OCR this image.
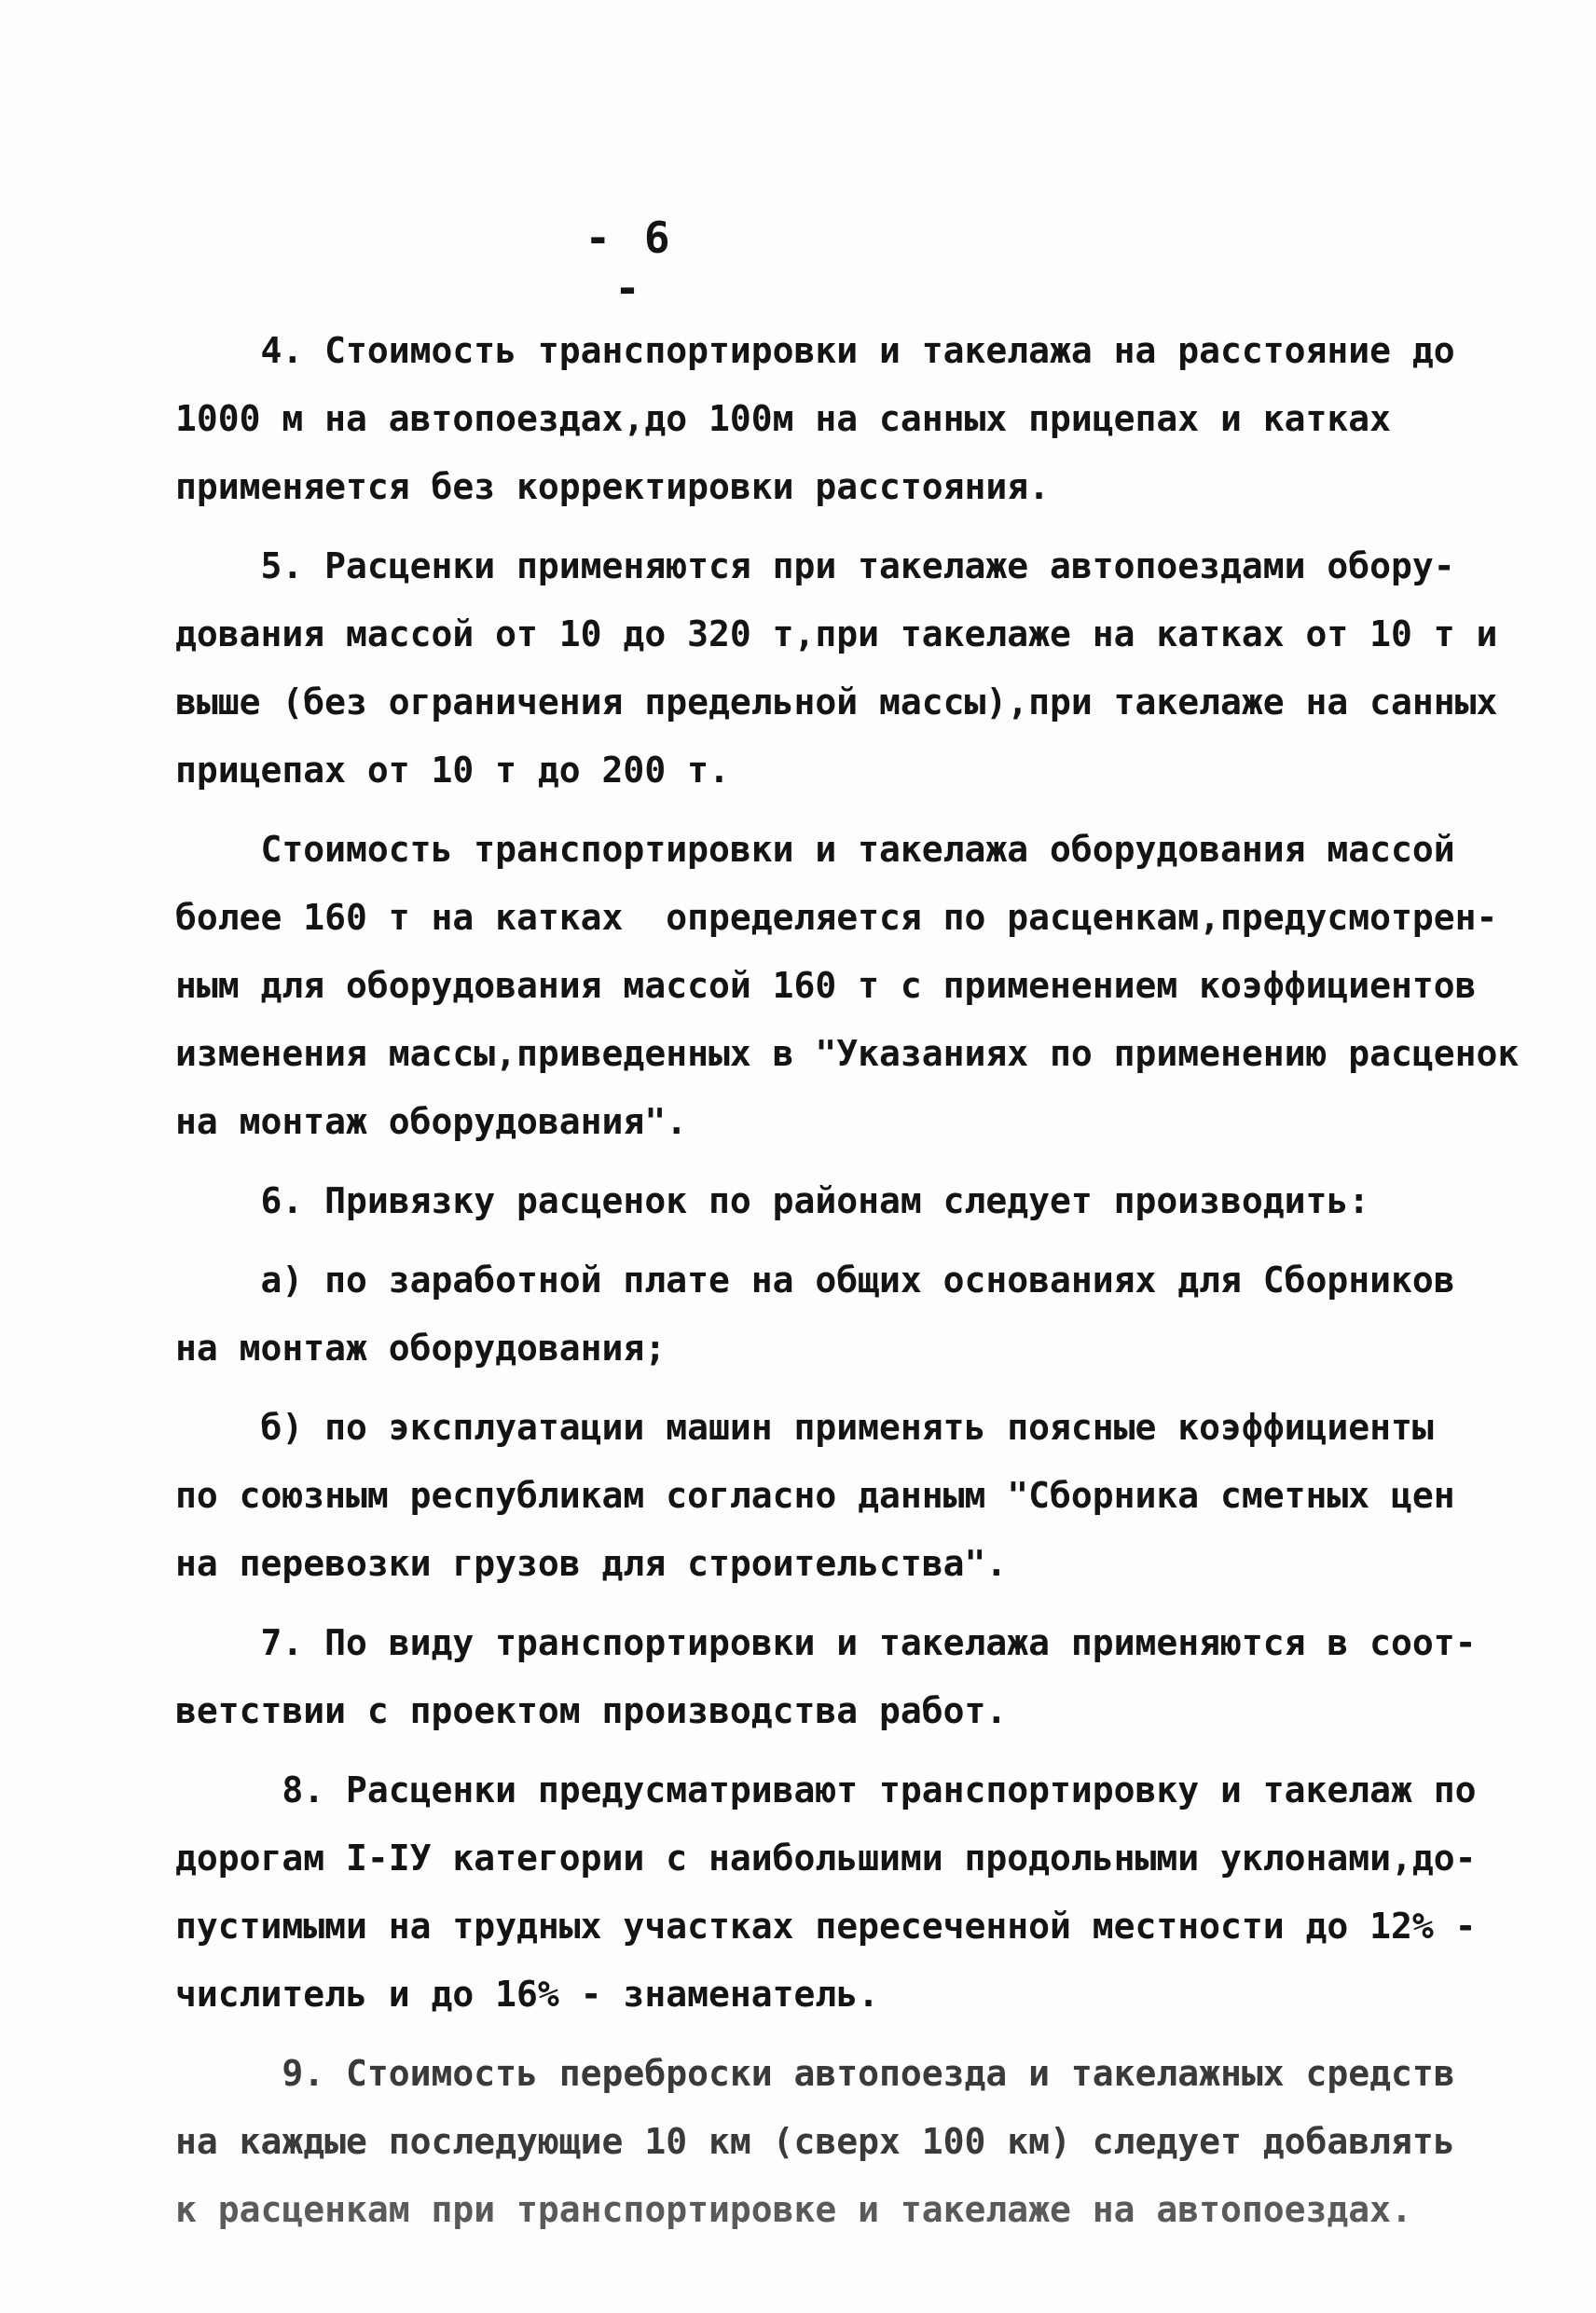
- 6 -
4. Стоимость транспортировки и такелажа на расстояние до
1000 м на автопоездах,до 100м на санных прицепах и катках
применяется без корректировки расстояния.
5. Расценки применяются при такелаже автопоездами обору-
дования массой от 10 до 320 т,при такелаже на катках от 10 т и
выше (без ограничения предельной массы),при такелаже на санных
прицепах от 10 т до 200 т.
Стоимость транспортировки и такелажа оборудования массой
более 160 т на катках  определяется по расценкам,предусмотрен-
ным для оборудования массой 160 т с применением коэффициентов
изменения массы,приведенных в "Указаниях по применению расценок
на монтаж оборудования".
6. Привязку расценок по районам следует производить:
а) по заработной плате на общих основаниях для Сборников
на монтаж оборудования;
б) по эксплуатации машин применять поясные коэффициенты
по союзным республикам согласно данным "Сборника сметных цен
на перевозки грузов для строительства".
7. По виду транспортировки и такелажа применяются в соот-
ветствии с проектом производства работ.
8. Расценки предусматривают транспортировку и такелаж по
дорогам I-IУ категории с наибольшими продольными уклонами,до-
пустимыми на трудных участках пересеченной местности до 12% -
числитель и до 16% - знаменатель.
9. Стоимость переброски автопоезда и такелажных средств
на каждые последующие 10 км (сверх 100 км) следует добавлять
к расценкам при транспортировке и такелаже на автопоездах.
